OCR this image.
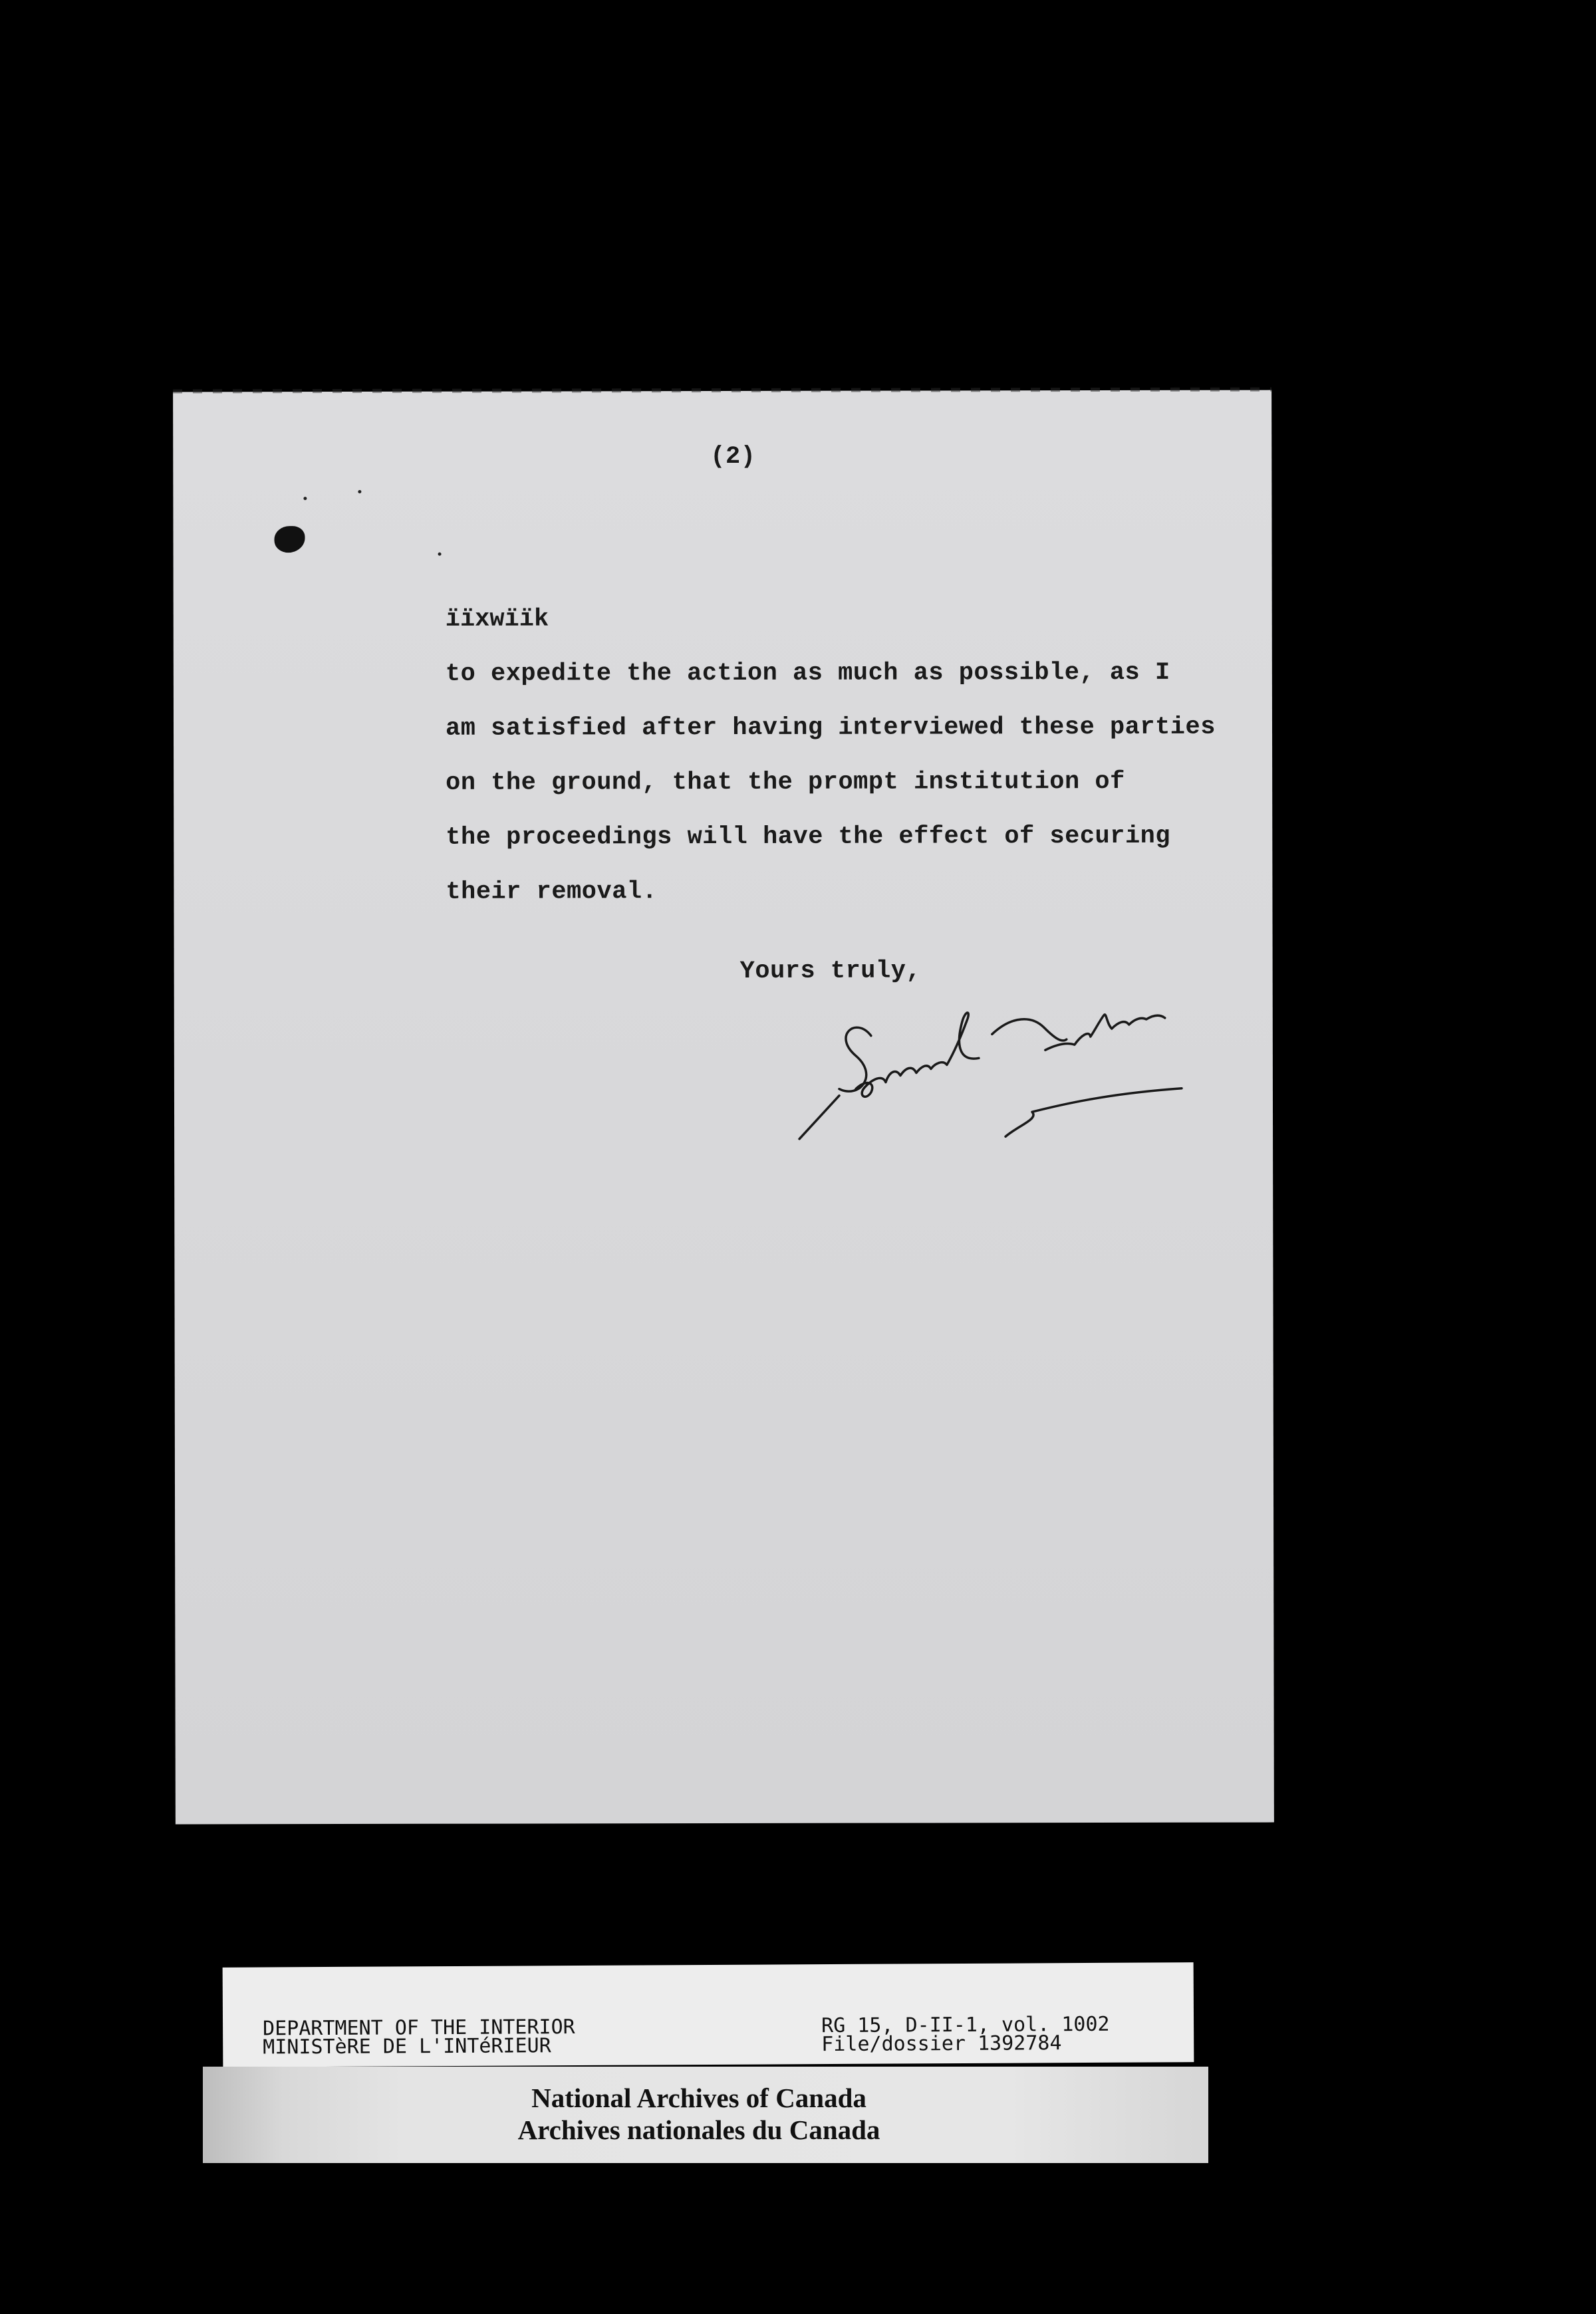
(2)
ïïxwïïk
to expedite the action as much as possible, as I
am satisfied after having interviewed these parties
on the ground, that the prompt institution of
the proceedings will have the effect of securing
their removal.
Yours truly,
DEPARTMENT OF THE INTERIOR
MINISTèRE DE L'INTéRIEUR
RG 15, D-II-1, vol. 1002
File/dossier 1392784
National Archives of Canada
Archives nationales du Canada
